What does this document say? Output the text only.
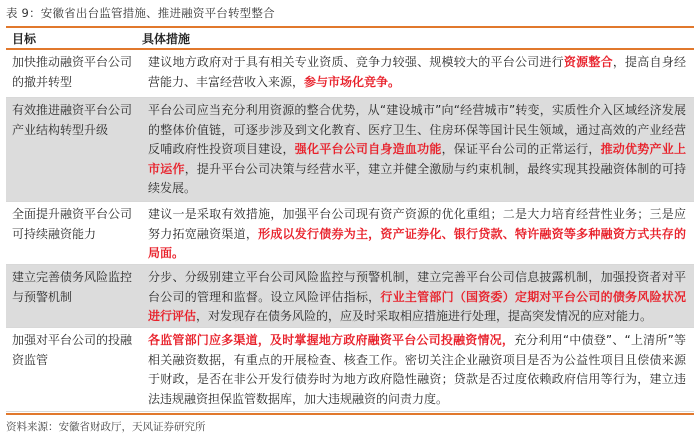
表 9：安徽省出台监管措施、推进融资平台转型整合
目标	具体措施
加快推动融资平台公司的撤并转型
建议地方政府对于具有相关专业资质、竞争力较强、规模较大的平台公司进行资源整合，提高自身经营能力、丰富经营收入来源，参与市场化竞争。
有效推进融资平台公司产业结构转型升级
平台公司应当充分利用资源的整合优势，从“建设城市”向“经营城市”转变，实质性介入区域经济发展的整体价值链，可逐步涉及到文化教育、医疗卫生、住房环保等国计民生领域，通过高效的产业经营反哺政府性投资项目建设，强化平台公司自身造血功能，保证平台公司的正常运行，推动优势产业上市运作，提升平台公司决策与经营水平，建立并健全激励与约束机制，最终实现其投融资体制的可持续发展。
全面提升融资平台公司可持续融资能力
建议一是采取有效措施，加强平台公司现有资产资源的优化重组；二是大力培育经营性业务；三是应努力拓宽融资渠道，形成以发行债券为主，资产证券化、银行贷款、特许融资等多种融资方式共存的局面。
建立完善债务风险监控与预警机制
分步、分级别建立平台公司风险监控与预警机制，建立完善平台公司信息披露机制，加强投资者对平台公司的管理和监督。设立风险评估指标，行业主管部门（国资委）定期对平台公司的债务风险状况进行评估，对发现存在债务风险的，应及时采取相应措施进行处理，提高突发情况的应对能力。
加强对平台公司的投融资监管
各监管部门应多渠道，及时掌握地方政府融资平台公司投融资情况，充分利用“中债登”、“上清所”等相关融资数据，有重点的开展检查、核查工作。密切关注企业融资项目是否为公益性项目且偿债来源于财政，是否在非公开发行债券时为地方政府隐性融资；贷款是否过度依赖政府信用等行为，建立违法违规融资担保监管数据库，加大违规融资的问责力度。
资料来源：安徽省财政厅，天风证券研究所
